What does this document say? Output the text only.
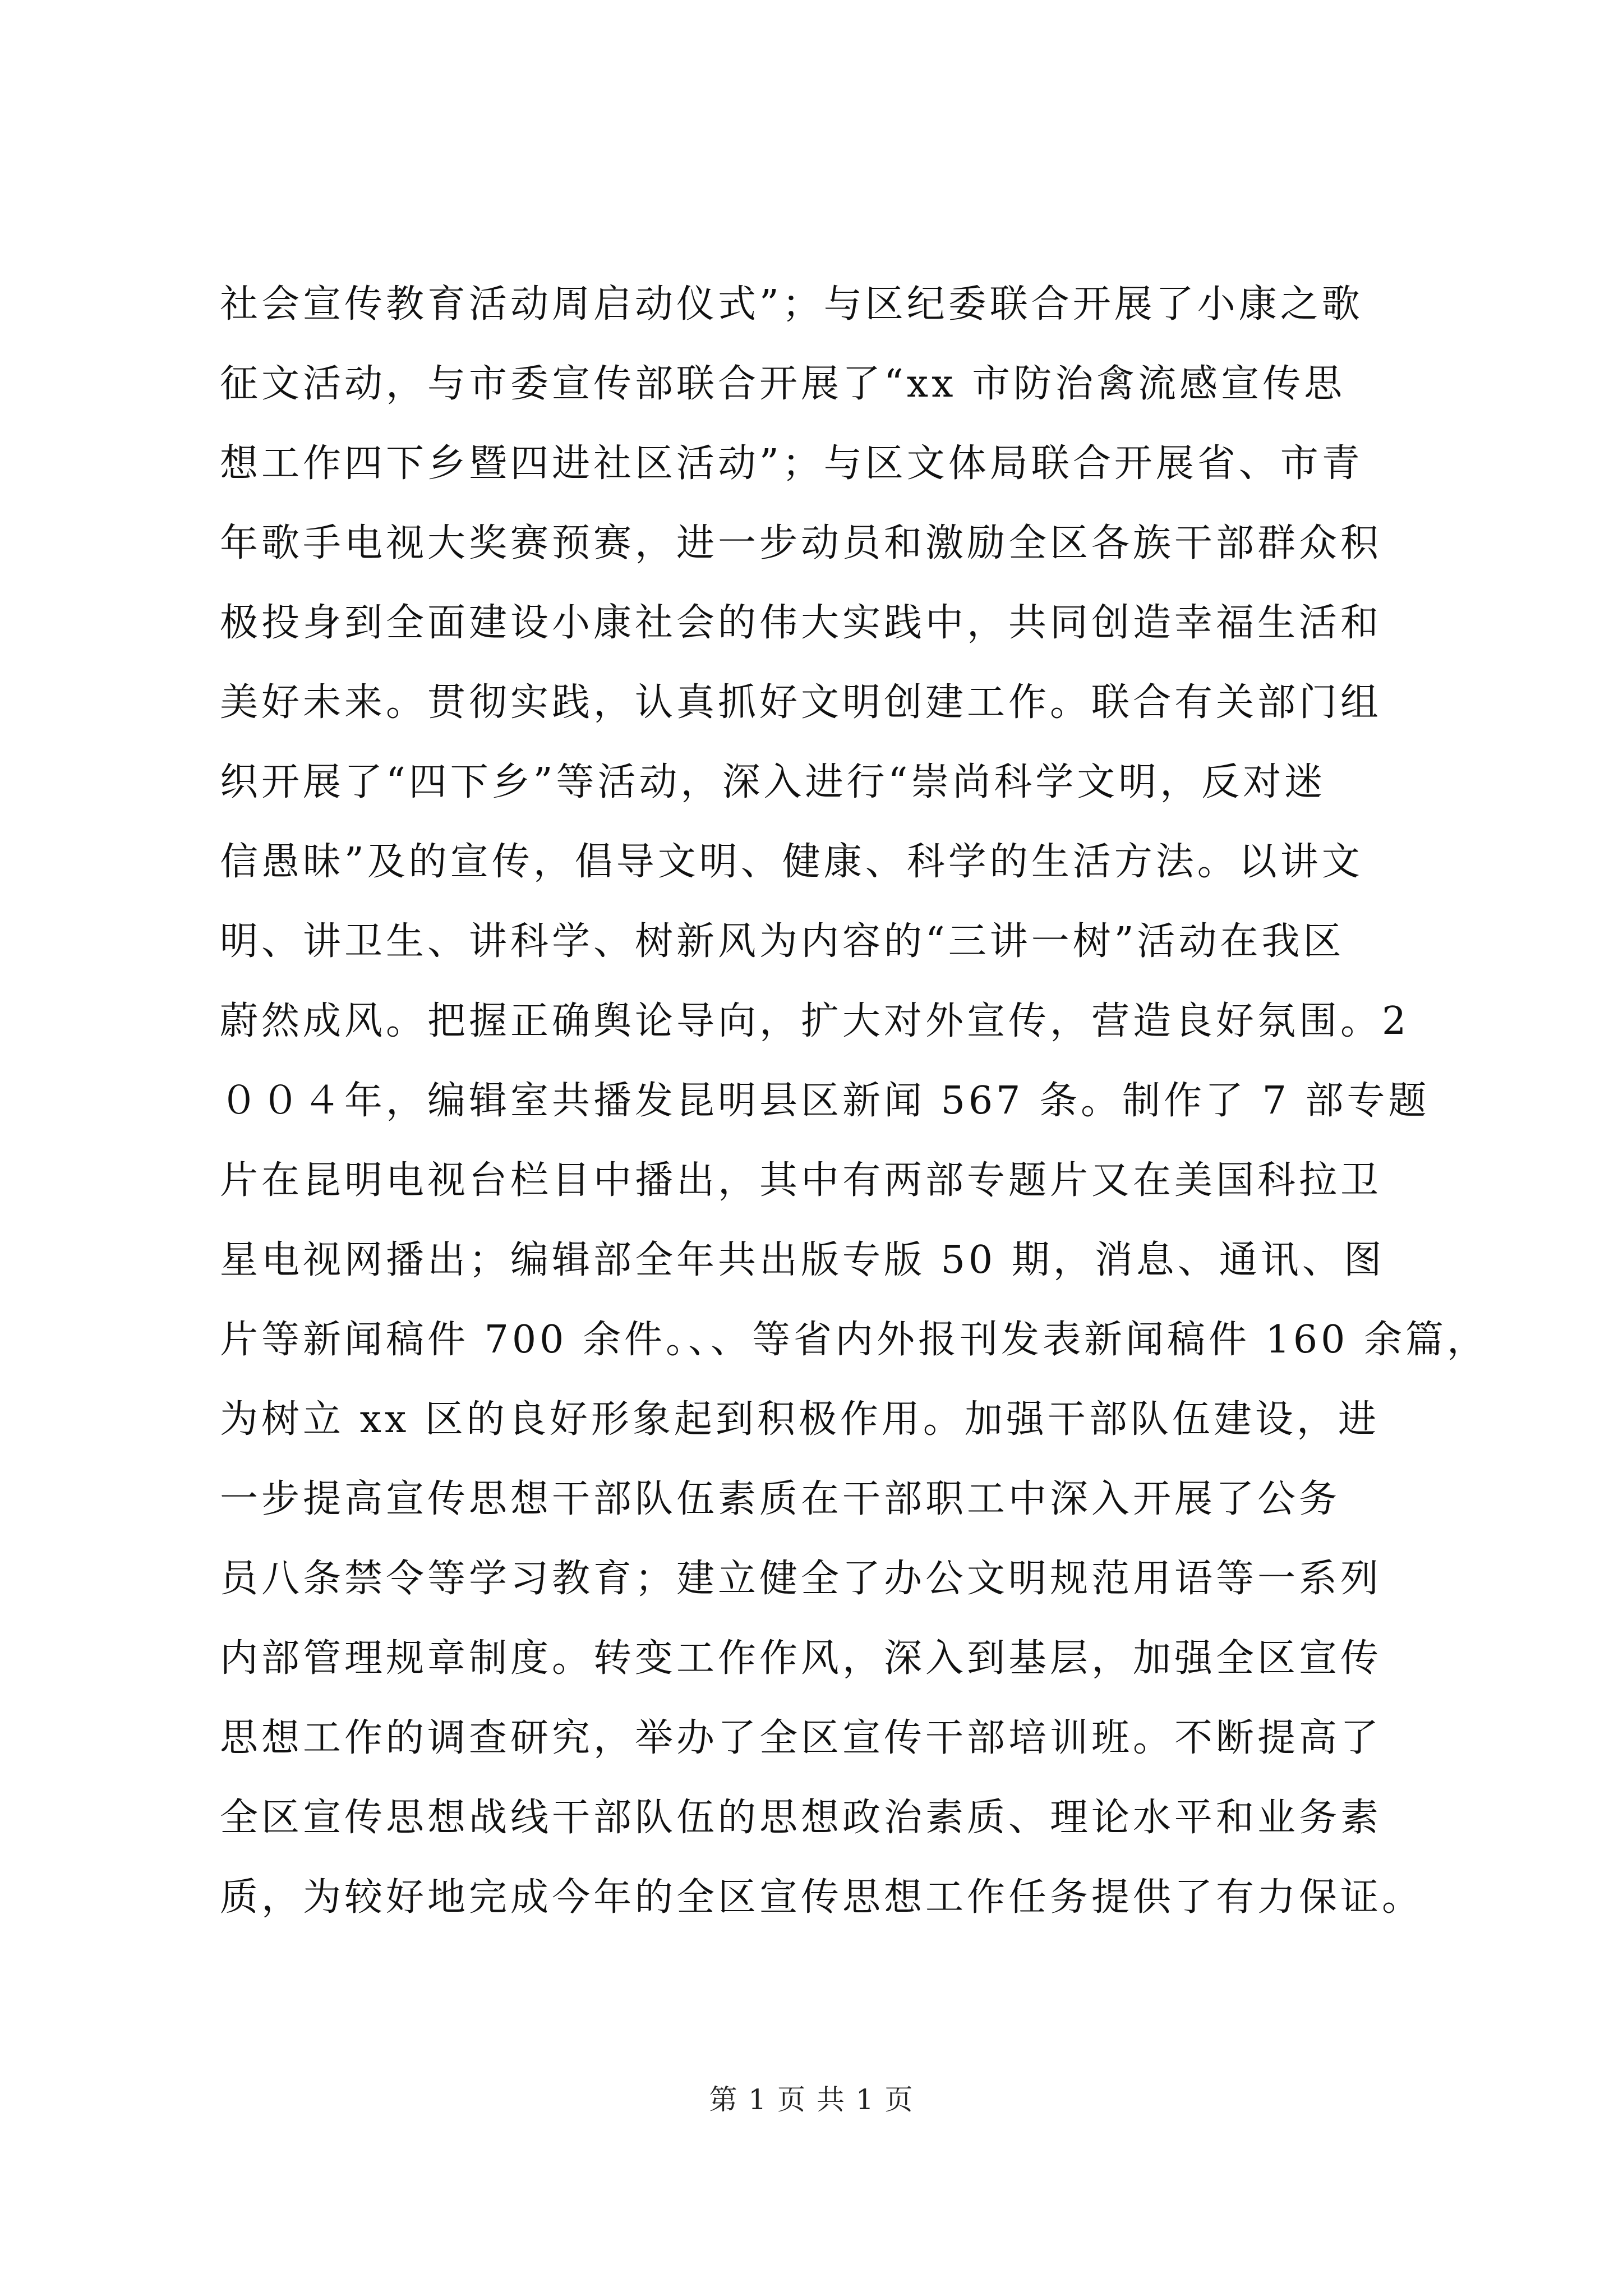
社会宣传教育活动周启动仪式”；与区纪委联合开展了小康之歌
征文活动，与市委宣传部联合开展了“xx 市防治禽流感宣传思
想工作四下乡暨四进社区活动”；与区文体局联合开展省、市青
年歌手电视大奖赛预赛，进一步动员和激励全区各族干部群众积
极投身到全面建设小康社会的伟大实践中，共同创造幸福生活和
美好未来。贯彻实践，认真抓好文明创建工作。联合有关部门组
织开展了“四下乡”等活动，深入进行“崇尚科学文明，反对迷
信愚昧”及的宣传，倡导文明、健康、科学的生活方法。以讲文
明、讲卫生、讲科学、树新风为内容的“三讲一树”活动在我区
蔚然成风。把握正确舆论导向，扩大对外宣传，营造良好氛围。2
００４年，编辑室共播发昆明县区新闻 567 条。制作了 7 部专题
片在昆明电视台栏目中播出，其中有两部专题片又在美国科拉卫
星电视网播出；编辑部全年共出版专版 50 期，消息、通讯、图
片等新闻稿件 700 余件。、、等省内外报刊发表新闻稿件 160 余篇，
为树立 xx 区的良好形象起到积极作用。加强干部队伍建设，进
一步提高宣传思想干部队伍素质在干部职工中深入开展了公务
员八条禁令等学习教育；建立健全了办公文明规范用语等一系列
内部管理规章制度。转变工作作风，深入到基层，加强全区宣传
思想工作的调查研究，举办了全区宣传干部培训班。不断提高了
全区宣传思想战线干部队伍的思想政治素质、理论水平和业务素
质，为较好地完成今年的全区宣传思想工作任务提供了有力保证。
第 1 页 共 1 页
